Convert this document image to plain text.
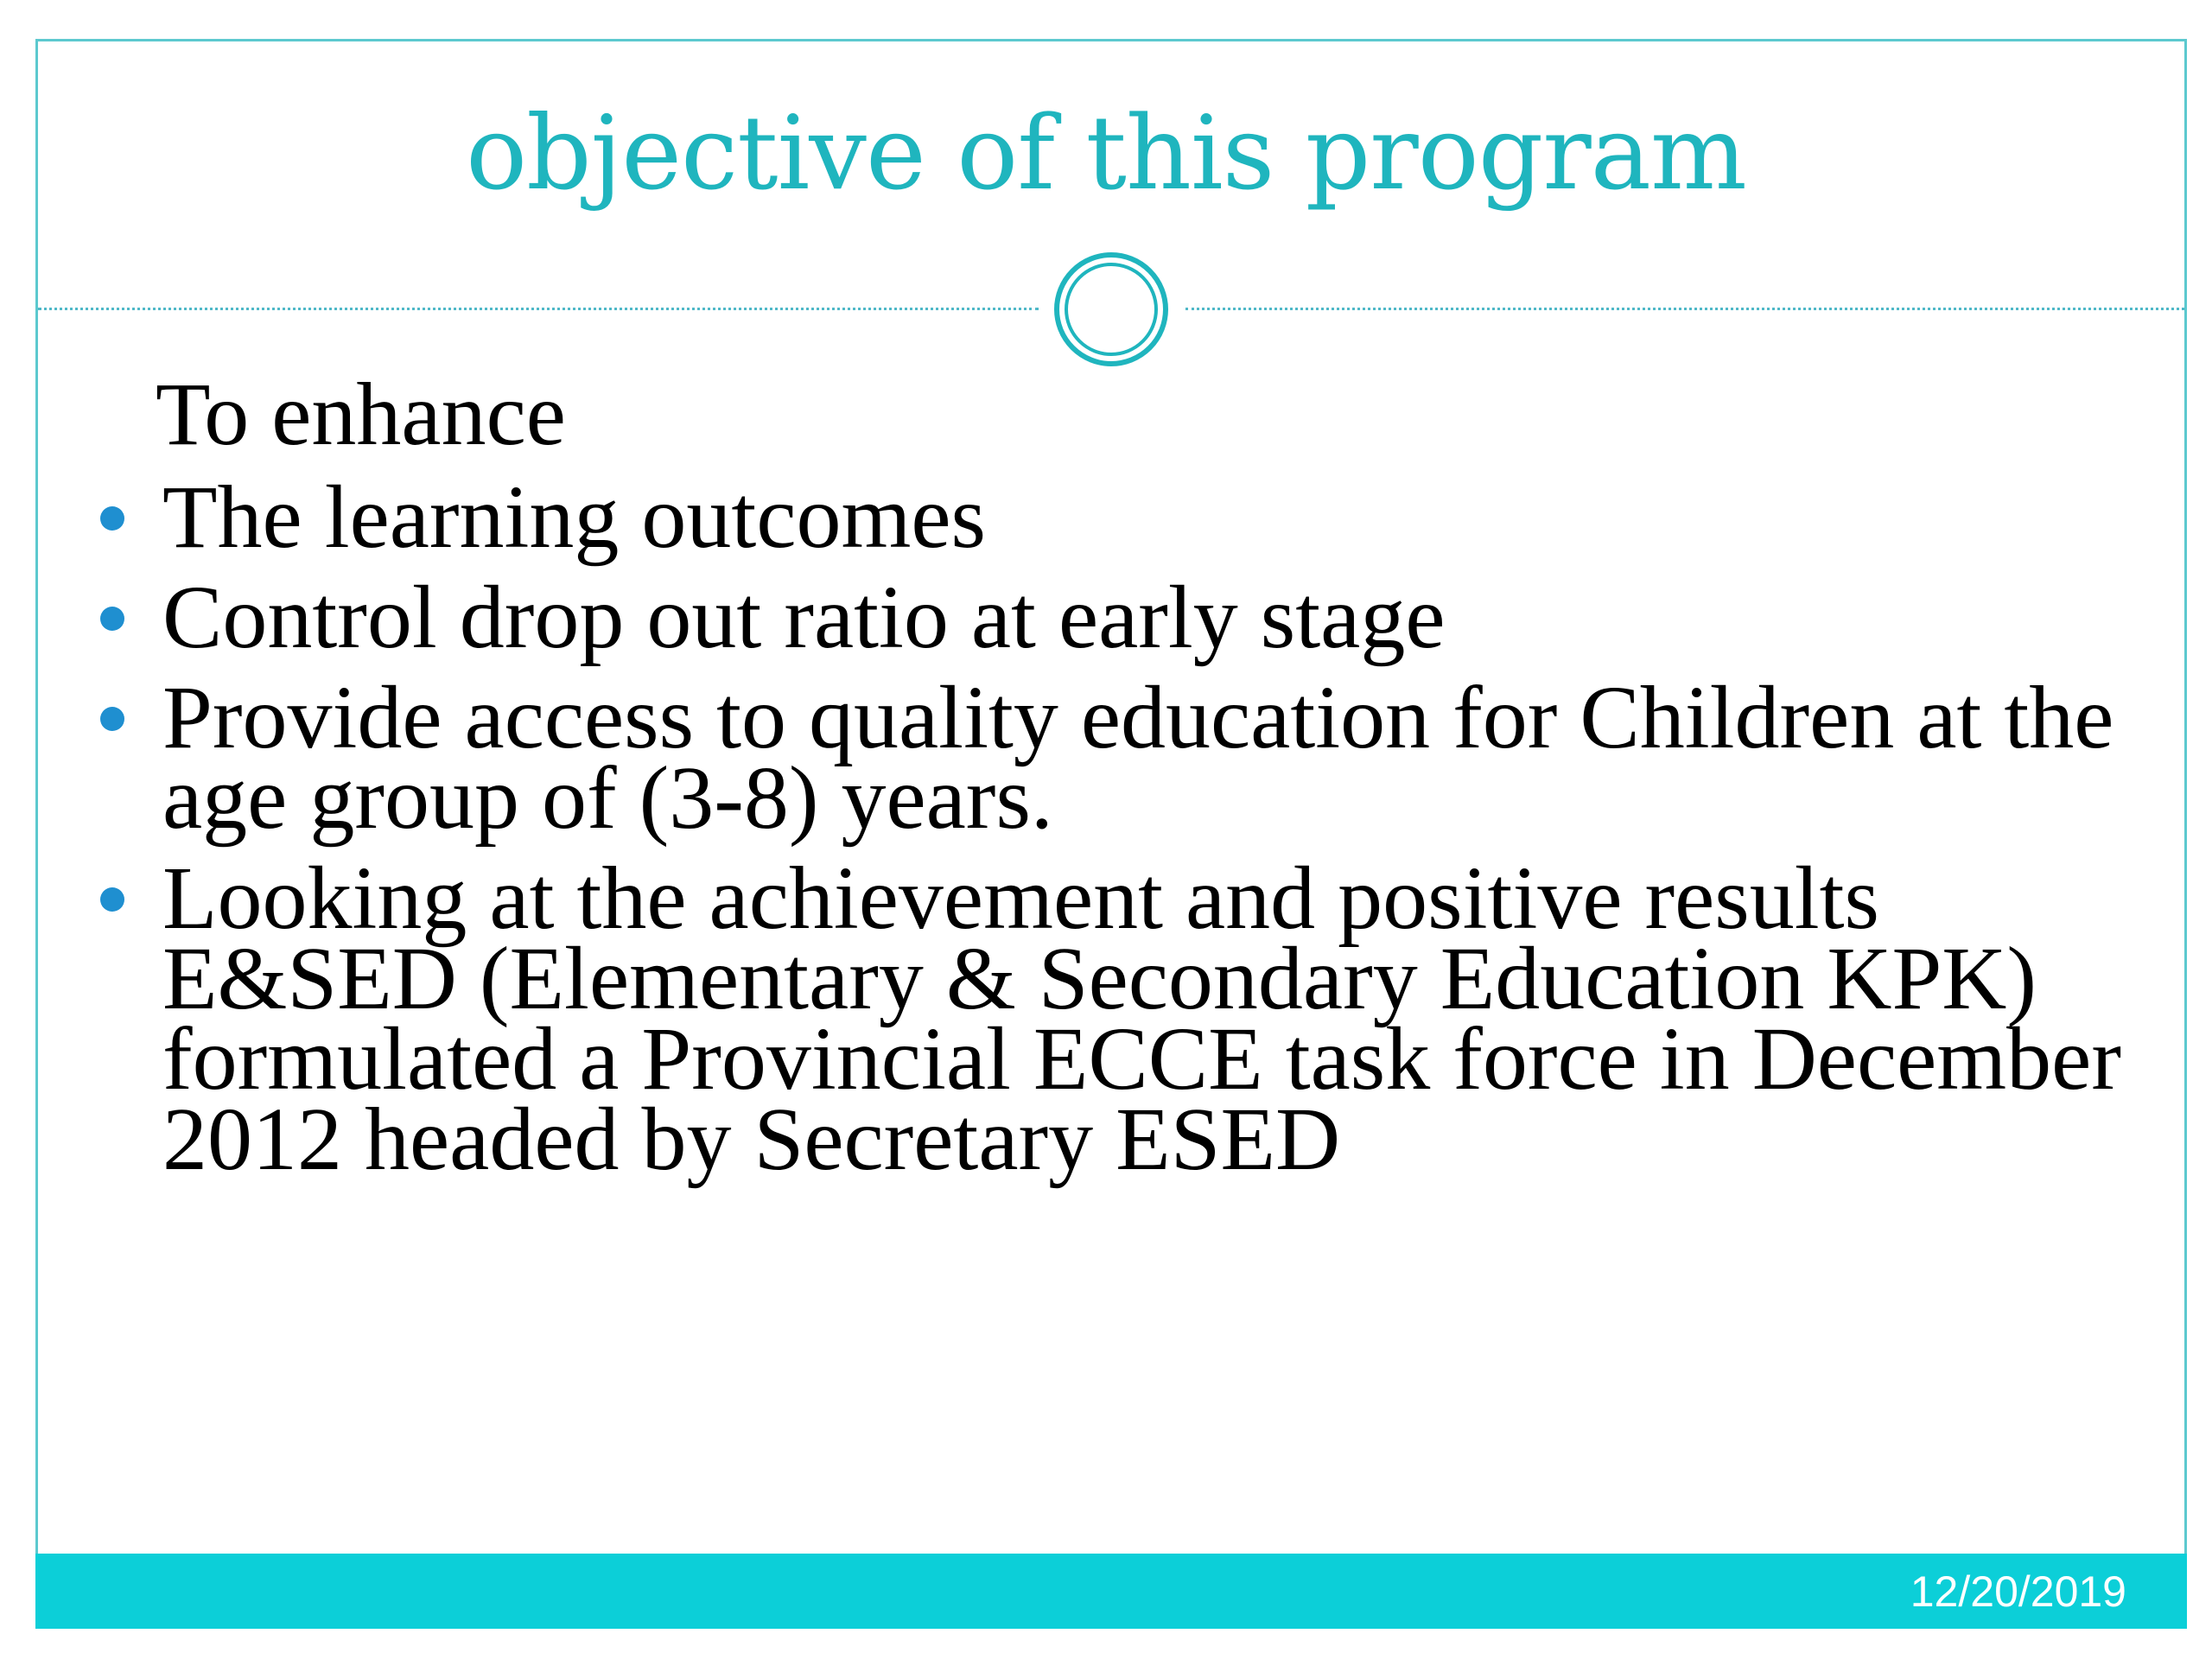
objective of this program

To enhance

The learning outcomes
Control drop out ratio at early stage
Provide access to quality education for Children at the age group of (3-8) years.
Looking at the achievement and positive results E&SED (Elementary & Secondary Education KPK) formulated a Provincial ECCE task force in December 2012 headed by Secretary ESED
12/20/2019
